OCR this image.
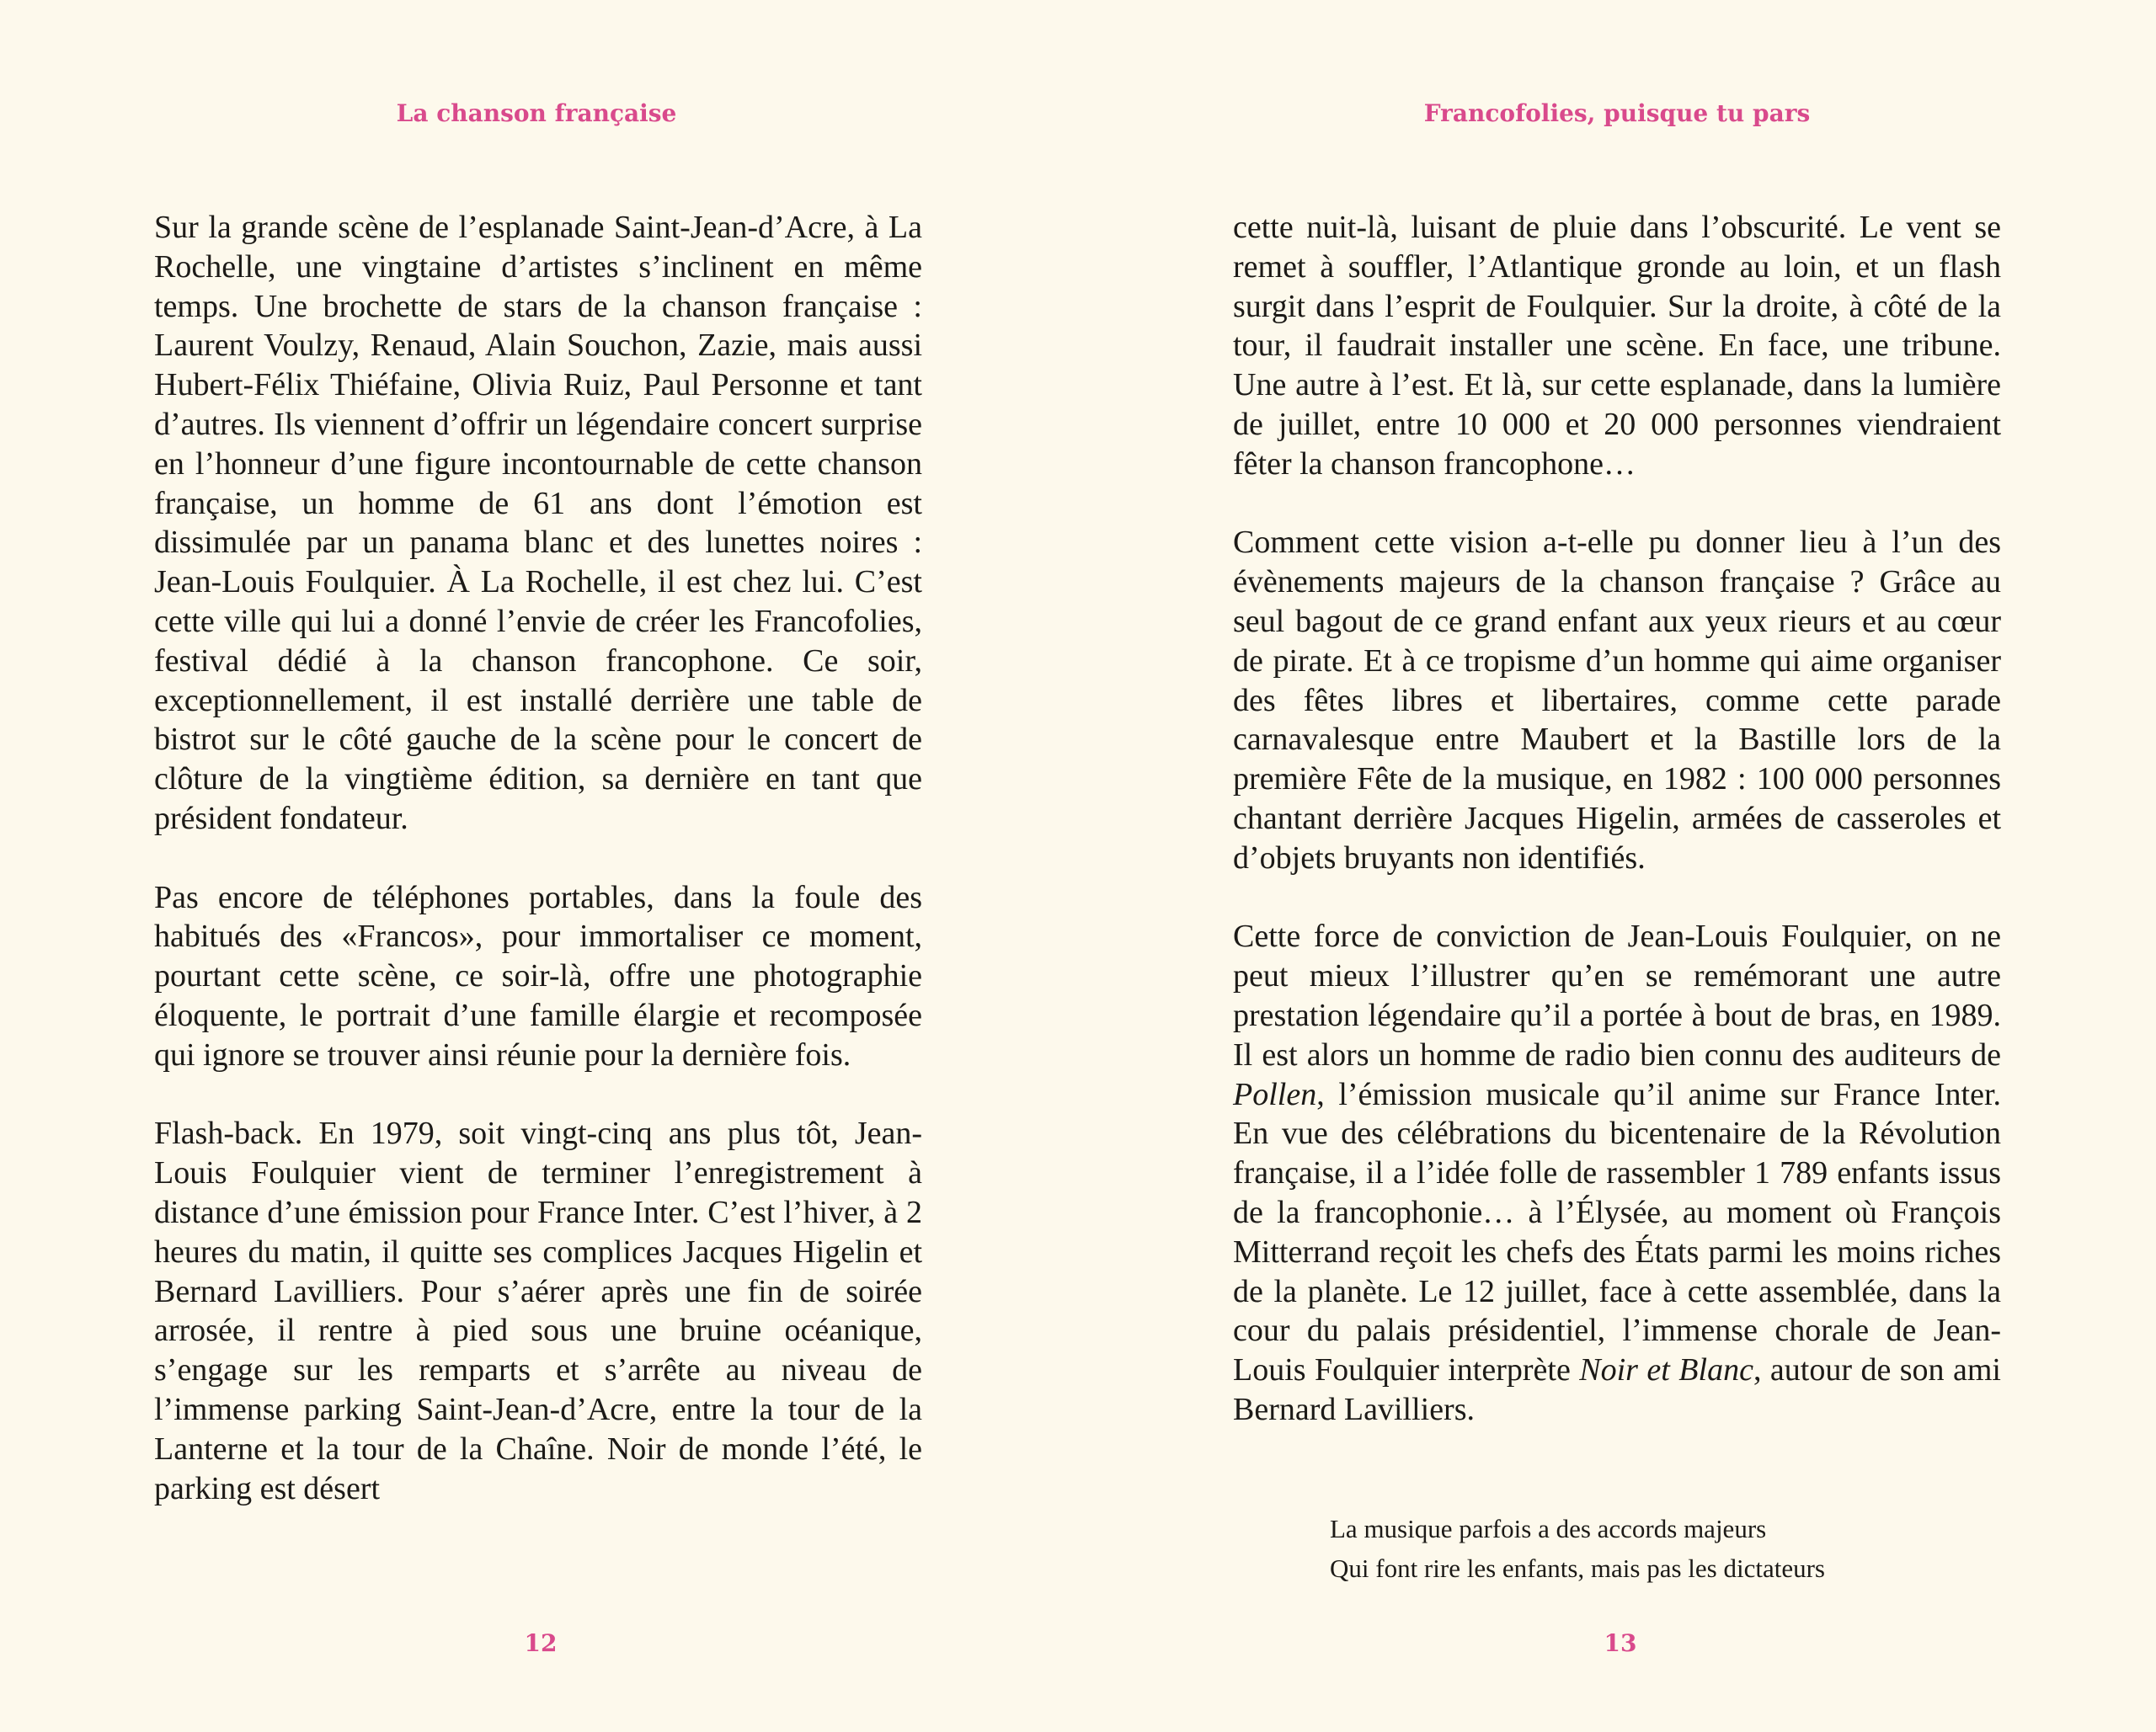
La chanson française

Sur la grande scène de l’esplanade Saint-Jean-d’Acre, à La Rochelle, une vingtaine d’artistes s’inclinent en même temps. Une brochette de stars de la chanson française : Laurent Voulzy, Renaud, Alain Souchon, Zazie, mais aussi Hubert-Félix Thiéfaine, Olivia Ruiz, Paul Personne et tant d’autres. Ils viennent d’offrir un légendaire concert surprise en l’honneur d’une figure incontournable de cette chanson française, un homme de 61 ans dont l’émotion est dissimulée par un panama blanc et des lunettes noires : Jean-Louis Foulquier. À La Rochelle, il est chez lui. C’est cette ville qui lui a donné l’envie de créer les Francofolies, festival dédié à la chanson francophone. Ce soir, exceptionnellement, il est installé derrière une table de bistrot sur le côté gauche de la scène pour le concert de clôture de la vingtième édition, sa dernière en tant que président fondateur.

Pas encore de téléphones portables, dans la foule des habitués des «Francos», pour immortaliser ce moment, pourtant cette scène, ce soir-là, offre une photographie éloquente, le portrait d’une famille élargie et recomposée qui ignore se trouver ainsi réunie pour la dernière fois.

Flash-back. En 1979, soit vingt-cinq ans plus tôt, Jean-Louis Foulquier vient de terminer l’enregistrement à distance d’une émission pour France Inter. C’est l’hiver, à 2 heures du matin, il quitte ses complices Jacques Higelin et Bernard Lavilliers. Pour s’aérer après une fin de soirée arrosée, il rentre à pied sous une bruine océanique, s’engage sur les remparts et s’arrête au niveau de l’immense parking Saint-Jean-d’Acre, entre la tour de la Lanterne et la tour de la Chaîne. Noir de monde l’été, le parking est désert

12
Francofolies, puisque tu pars

cette nuit-là, luisant de pluie dans l’obscurité. Le vent se remet à souffler, l’Atlantique gronde au loin, et un flash surgit dans l’esprit de Foulquier. Sur la droite, à côté de la tour, il faudrait installer une scène. En face, une tribune. Une autre à l’est. Et là, sur cette esplanade, dans la lumière de juillet, entre 10 000 et 20 000 personnes viendraient fêter la chanson francophone…

Comment cette vision a-t-elle pu donner lieu à l’un des évènements majeurs de la chanson française ? Grâce au seul bagout de ce grand enfant aux yeux rieurs et au cœur de pirate. Et à ce tropisme d’un homme qui aime organiser des fêtes libres et libertaires, comme cette parade carnavalesque entre Maubert et la Bastille lors de la première Fête de la musique, en 1982 : 100 000 personnes chantant derrière Jacques Higelin, armées de casseroles et d’objets bruyants non identifiés.

Cette force de conviction de Jean-Louis Foulquier, on ne peut mieux l’illustrer qu’en se remémorant une autre prestation légendaire qu’il a portée à bout de bras, en 1989. Il est alors un homme de radio bien connu des auditeurs de Pollen, l’émission musicale qu’il anime sur France Inter. En vue des célébrations du bicentenaire de la Révolution française, il a l’idée folle de rassembler 1 789 enfants issus de la francophonie… à l’Élysée, au moment où François Mitterrand reçoit les chefs des États parmi les moins riches de la planète. Le 12 juillet, face à cette assemblée, dans la cour du palais présidentiel, l’immense chorale de Jean-Louis Foulquier interprète Noir et Blanc, autour de son ami Bernard Lavilliers.

La musique parfois a des accords majeurs
Qui font rire les enfants, mais pas les dictateurs
13
